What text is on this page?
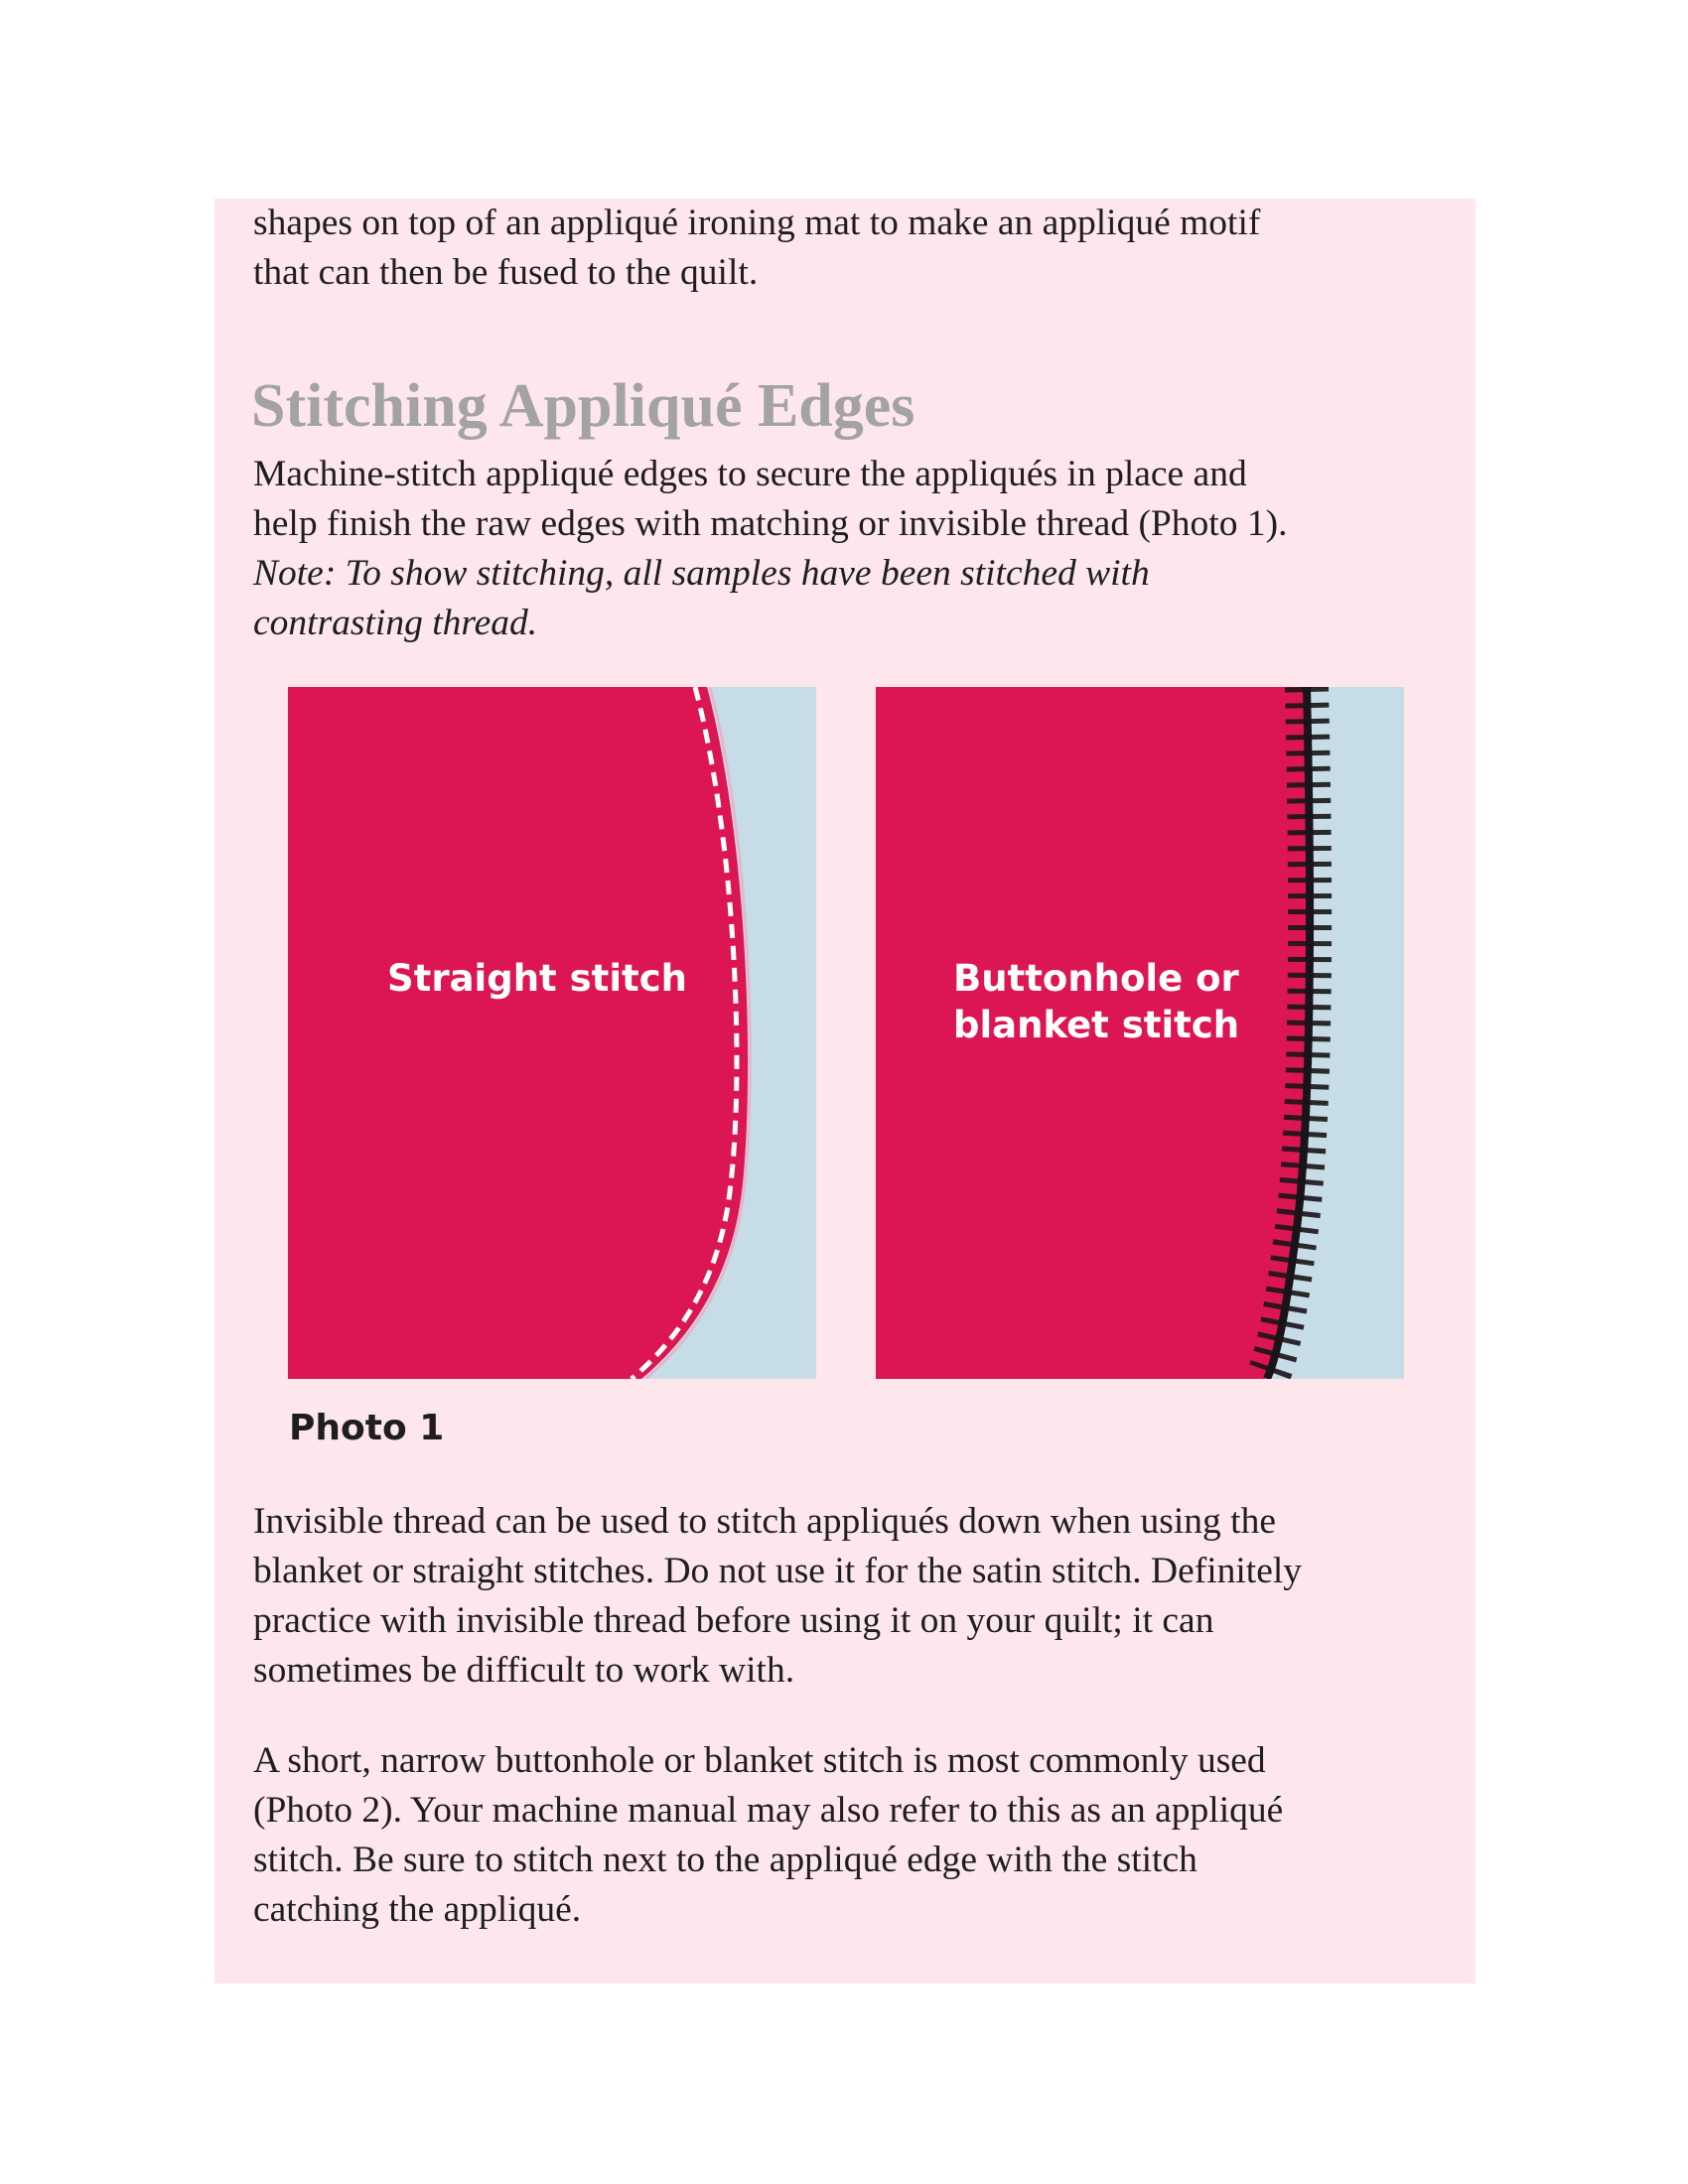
shapes on top of an appliqué ironing mat to make an appliqué motif
that can then be fused to the quilt.

Stitching Appliqué Edges

Machine-stitch appliqué edges to secure the appliqués in place and
help finish the raw edges with matching or invisible thread (Photo 1).

Note: To show stitching, all samples have been stitched with
contrasting thread.

Straight stitch	Buttonhole or
blanket stitch

Photo 1

Invisible thread can be used to stitch appliqués down when using the
blanket or straight stitches. Do not use it for the satin stitch. Definitely
practice with invisible thread before using it on your quilt; it can
sometimes be difficult to work with.

A short, narrow buttonhole or blanket stitch is most commonly used
(Photo 2). Your machine manual may also refer to this as an appliqué
stitch. Be sure to stitch next to the appliqué edge with the stitch
catching the appliqué.
